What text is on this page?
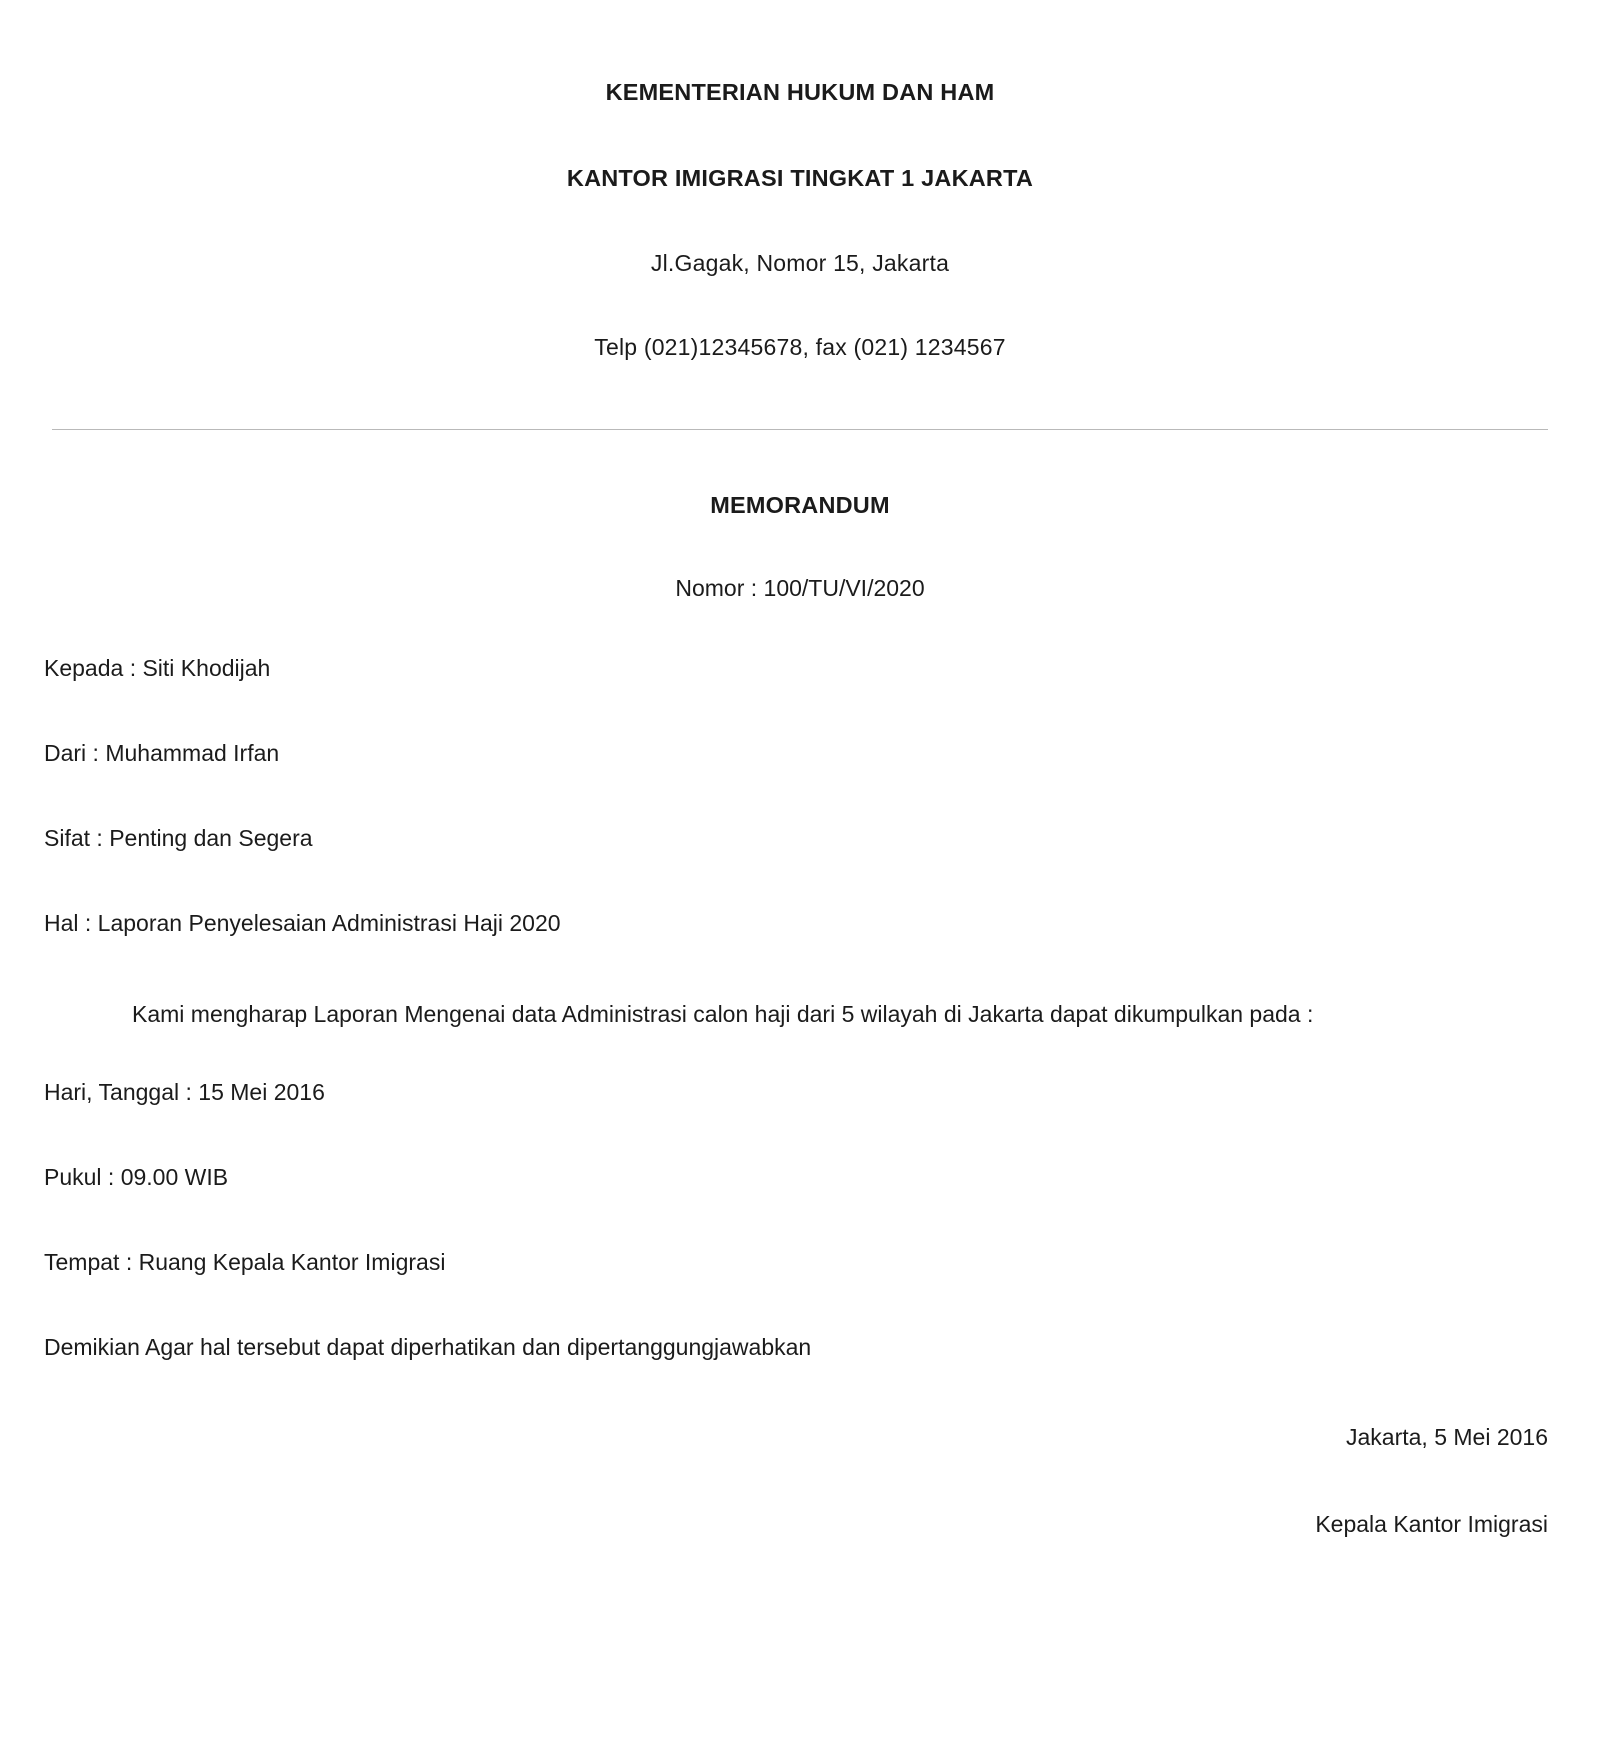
KEMENTERIAN HUKUM DAN HAM
KANTOR IMIGRASI TINGKAT 1 JAKARTA
Jl.Gagak, Nomor 15, Jakarta
Telp (021)12345678, fax (021) 1234567
MEMORANDUM
Nomor : 100/TU/VI/2020
Kepada : Siti Khodijah
Dari : Muhammad Irfan
Sifat : Penting dan Segera
Hal : Laporan Penyelesaian Administrasi Haji 2020
Kami mengharap Laporan Mengenai data Administrasi calon haji dari 5 wilayah di Jakarta dapat dikumpulkan pada :
Hari, Tanggal : 15 Mei 2016
Pukul : 09.00 WIB
Tempat : Ruang Kepala Kantor Imigrasi
Demikian Agar hal tersebut dapat diperhatikan dan dipertanggungjawabkan
Jakarta, 5 Mei 2016
Kepala Kantor Imigrasi
